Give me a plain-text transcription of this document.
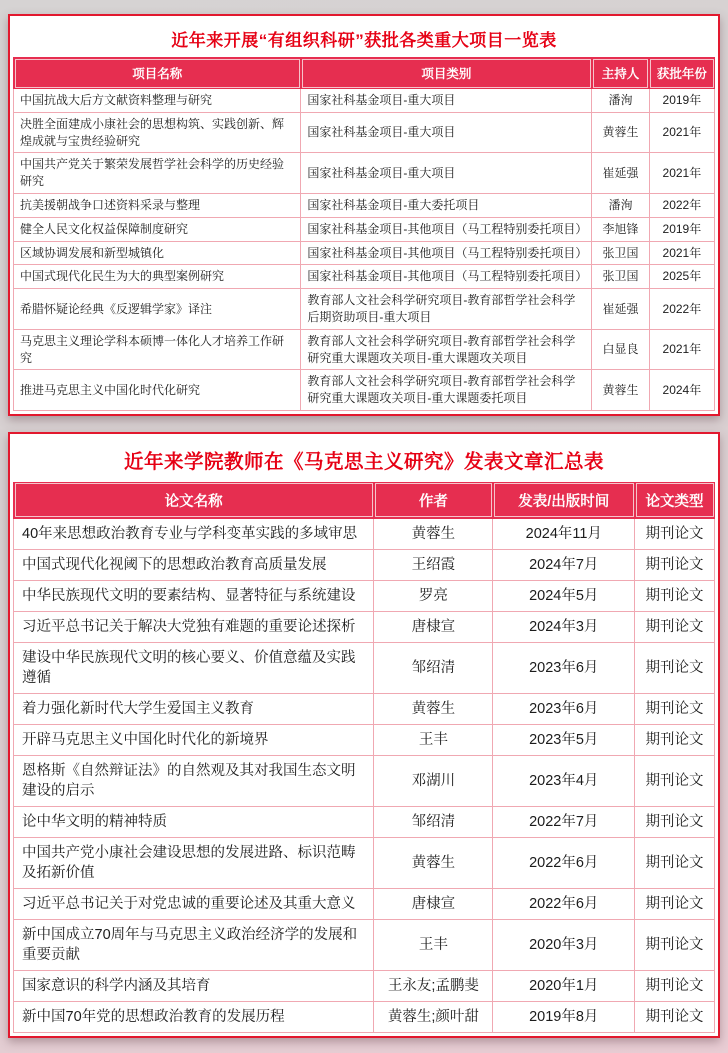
近年来开展“有组织科研”获批各类重大项目一览表
项目名称	项目类别	主持人	获批年份
中国抗战大后方文献资料整理与研究	国家社科基金项目-重大项目	潘洵	2019年
决胜全面建成小康社会的思想构筑、实践创新、辉煌成就与宝贵经验研究	国家社科基金项目-重大项目	黄蓉生	2021年
中国共产党关于繁荣发展哲学社会科学的历史经验研究	国家社科基金项目-重大项目	崔延强	2021年
抗美援朝战争口述资料采录与整理	国家社科基金项目-重大委托项目	潘洵	2022年
健全人民文化权益保障制度研究	国家社科基金项目-其他项目（马工程特别委托项目）	李旭锋	2019年
区域协调发展和新型城镇化	国家社科基金项目-其他项目（马工程特别委托项目）	张卫国	2021年
中国式现代化民生为大的典型案例研究	国家社科基金项目-其他项目（马工程特别委托项目）	张卫国	2025年
希腊怀疑论经典《反逻辑学家》译注	教育部人文社会科学研究项目-教育部哲学社会科学后期资助项目-重大项目	崔延强	2022年
马克思主义理论学科本硕博一体化人才培养工作研究	教育部人文社会科学研究项目-教育部哲学社会科学研究重大课题攻关项目-重大课题攻关项目	白显良	2021年
推进马克思主义中国化时代化研究	教育部人文社会科学研究项目-教育部哲学社会科学研究重大课题攻关项目-重大课题委托项目	黄蓉生	2024年
近年来学院教师在《马克思主义研究》发表文章汇总表
论文名称	作者	发表/出版时间	论文类型
40年来思想政治教育专业与学科变革实践的多域审思	黄蓉生	2024年11月	期刊论文
中国式现代化视阈下的思想政治教育高质量发展	王绍霞	2024年7月	期刊论文
中华民族现代文明的要素结构、显著特征与系统建设	罗亮	2024年5月	期刊论文
习近平总书记关于解决大党独有难题的重要论述探析	唐棣宣	2024年3月	期刊论文
建设中华民族现代文明的核心要义、价值意蕴及实践遵循	邹绍清	2023年6月	期刊论文
着力强化新时代大学生爱国主义教育	黄蓉生	2023年6月	期刊论文
开辟马克思主义中国化时代化的新境界	王丰	2023年5月	期刊论文
恩格斯《自然辩证法》的自然观及其对我国生态文明建设的启示	邓湖川	2023年4月	期刊论文
论中华文明的精神特质	邹绍清	2022年7月	期刊论文
中国共产党小康社会建设思想的发展进路、标识范畴及拓新价值	黄蓉生	2022年6月	期刊论文
习近平总书记关于对党忠诚的重要论述及其重大意义	唐棣宣	2022年6月	期刊论文
新中国成立70周年与马克思主义政治经济学的发展和重要贡献	王丰	2020年3月	期刊论文
国家意识的科学内涵及其培育	王永友;孟鹏斐	2020年1月	期刊论文
新中国70年党的思想政治教育的发展历程	黄蓉生;颜叶甜	2019年8月	期刊论文
